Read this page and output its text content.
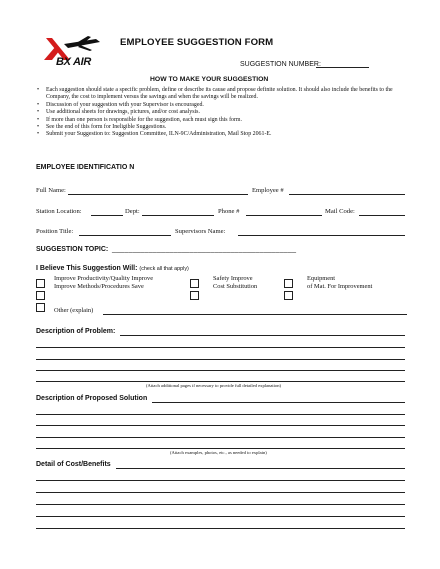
BX AIR
EMPLOYEE SUGGESTION FORM
SUGGESTION NUMBER:
HOW TO MAKE YOUR SUGGESTION
• Each suggestion should state a specific problem, define or describe its cause and propose definite solution. It should also include the benefits to the Company, the cost to implement versus the savings and when the savings will be realized.
• Discussion of your suggestion with your Supervisor is encouraged.
• Use additional sheets for drawings, pictures, and/or cost analysis.
• If more than one person is responsible for the suggestion, each must sign this form.
• See the end of this form for Ineligible Suggestions.
• Submit your Suggestion to: Suggestion Committee, ILN-9C/Administration, Mail Stop 2061-E.
EMPLOYEE IDENTIFICATIO N
Full Name:	Employee #
Station Location:	Dept:	Phone #	Mail Code:
Position Title:	Supervisors Name:
SUGGESTION TOPIC: _____________________________________________
I Believe This Suggestion Will: (check all that apply)
Improve Productivity/Quality Improve
Improve Methods/Procedures Save
Safety Improve
Cost Substitution
Equipment
of Mat. For Improvement
Other (explain)
Description of Problem:
(Attach additional pages if necessary to provide full detailed explanation)
Description of Proposed Solution
(Attach examples, photos, etc., as needed to explain)
Detail of Cost/Benefits
